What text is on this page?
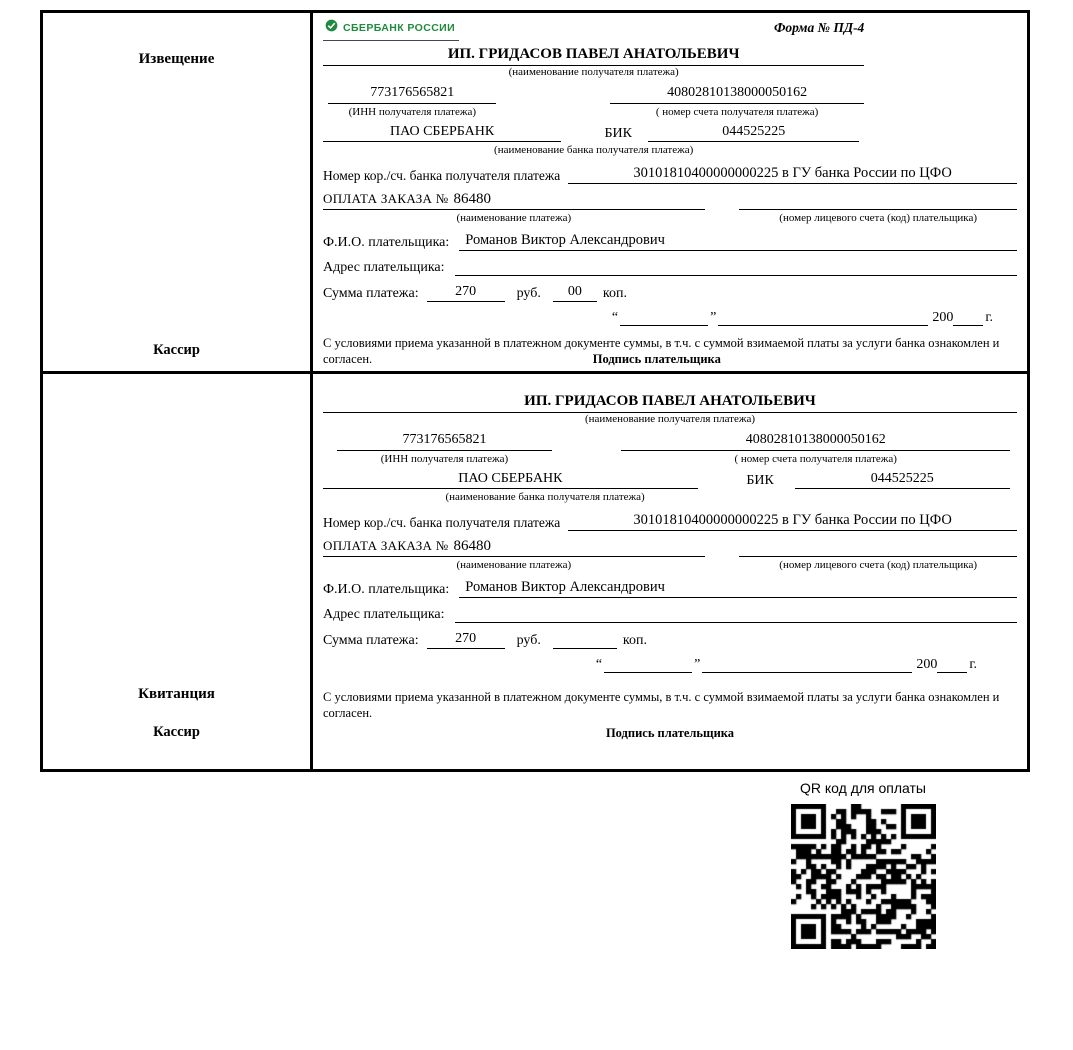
Извещение
Кассир
СБЕРБАНК РОССИИ	Форма № ПД-4
ИП. ГРИДАСОВ ПАВЕЛ АНАТОЛЬЕВИЧ
(наименование получателя платежа)
773176565821
(ИНН получателя платежа)
40802810138000050162
( номер счета получателя платежа)
ПАО СБЕРБАНК	БИК	044525225
(наименование банка получателя платежа)
Номер кор./сч. банка получателя платежа	30101810400000000225 в ГУ банка России по ЦФО
ОПЛАТА ЗАКАЗА № 86480
(наименование платежа)	(номер лицевого счета (код) плательщика)
Ф.И.О. плательщика:	Романов Виктор Александрович
Адрес плательщика:
Сумма платежа:	270	руб.	00	коп.
“	”	200 г.
С условиями приема указанной в платежном документе суммы, в т.ч. с суммой взимаемой платы за услуги банка ознакомлен и согласен.	Подпись плательщика
Квитанция
Кассир
ИП. ГРИДАСОВ ПАВЕЛ АНАТОЛЬЕВИЧ
(наименование получателя платежа)
773176565821
(ИНН получателя платежа)
40802810138000050162
( номер счета получателя платежа)
ПАО СБЕРБАНК	БИК	044525225
(наименование банка получателя платежа)
Номер кор./сч. банка получателя платежа	30101810400000000225 в ГУ банка России по ЦФО
ОПЛАТА ЗАКАЗА № 86480
(наименование платежа)	(номер лицевого счета (код) плательщика)
Ф.И.О. плательщика:	Романов Виктор Александрович
Адрес плательщика:
Сумма платежа:	270	руб.	коп.
“	”	200 г.
С условиями приема указанной в платежном документе суммы, в т.ч. с суммой взимаемой платы за услуги банка ознакомлен и согласен.
Подпись плательщика
QR код для оплаты
